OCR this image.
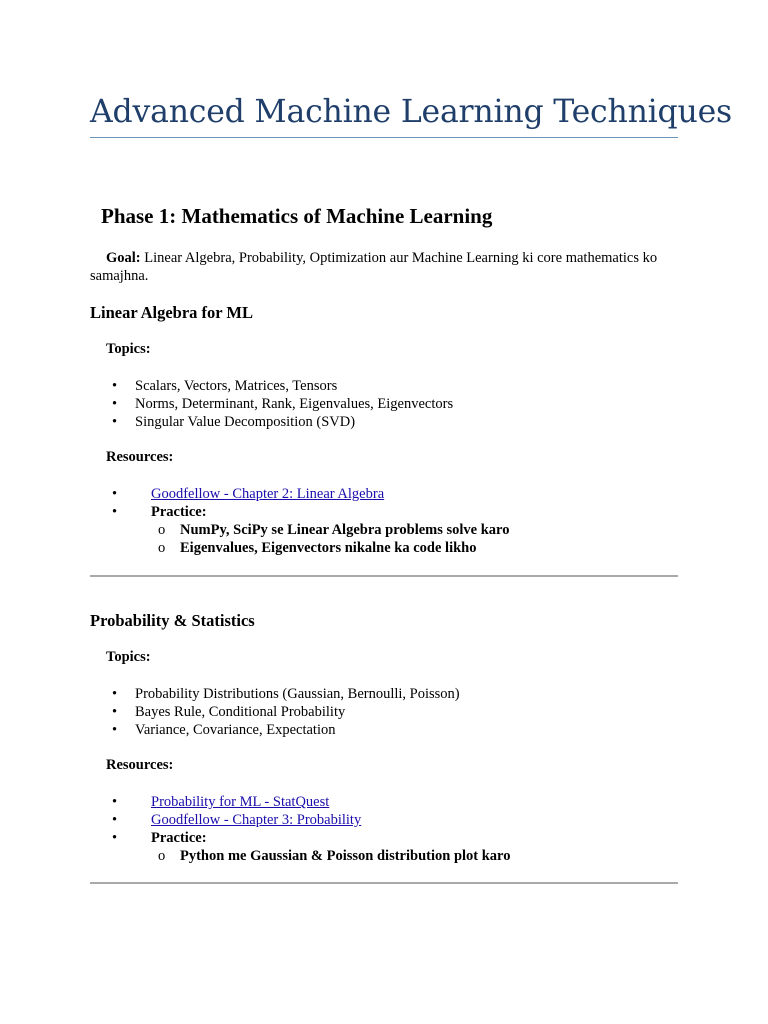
Advanced Machine Learning Techniques
Phase 1: Mathematics of Machine Learning

Goal: Linear Algebra, Probability, Optimization aur Machine Learning ki core mathematics ko samajhna.

Linear Algebra for ML
Topics:
• Scalars, Vectors, Matrices, Tensors
• Norms, Determinant, Rank, Eigenvalues, Eigenvectors
• Singular Value Decomposition (SVD)
Resources:
• Goodfellow - Chapter 2: Linear Algebra
• Practice:
o NumPy, SciPy se Linear Algebra problems solve karo
o Eigenvalues, Eigenvectors nikalne ka code likho
Probability & Statistics
Topics:
• Probability Distributions (Gaussian, Bernoulli, Poisson)
• Bayes Rule, Conditional Probability
• Variance, Covariance, Expectation
Resources:
• Probability for ML - StatQuest
• Goodfellow - Chapter 3: Probability
• Practice:
o Python me Gaussian & Poisson distribution plot karo
